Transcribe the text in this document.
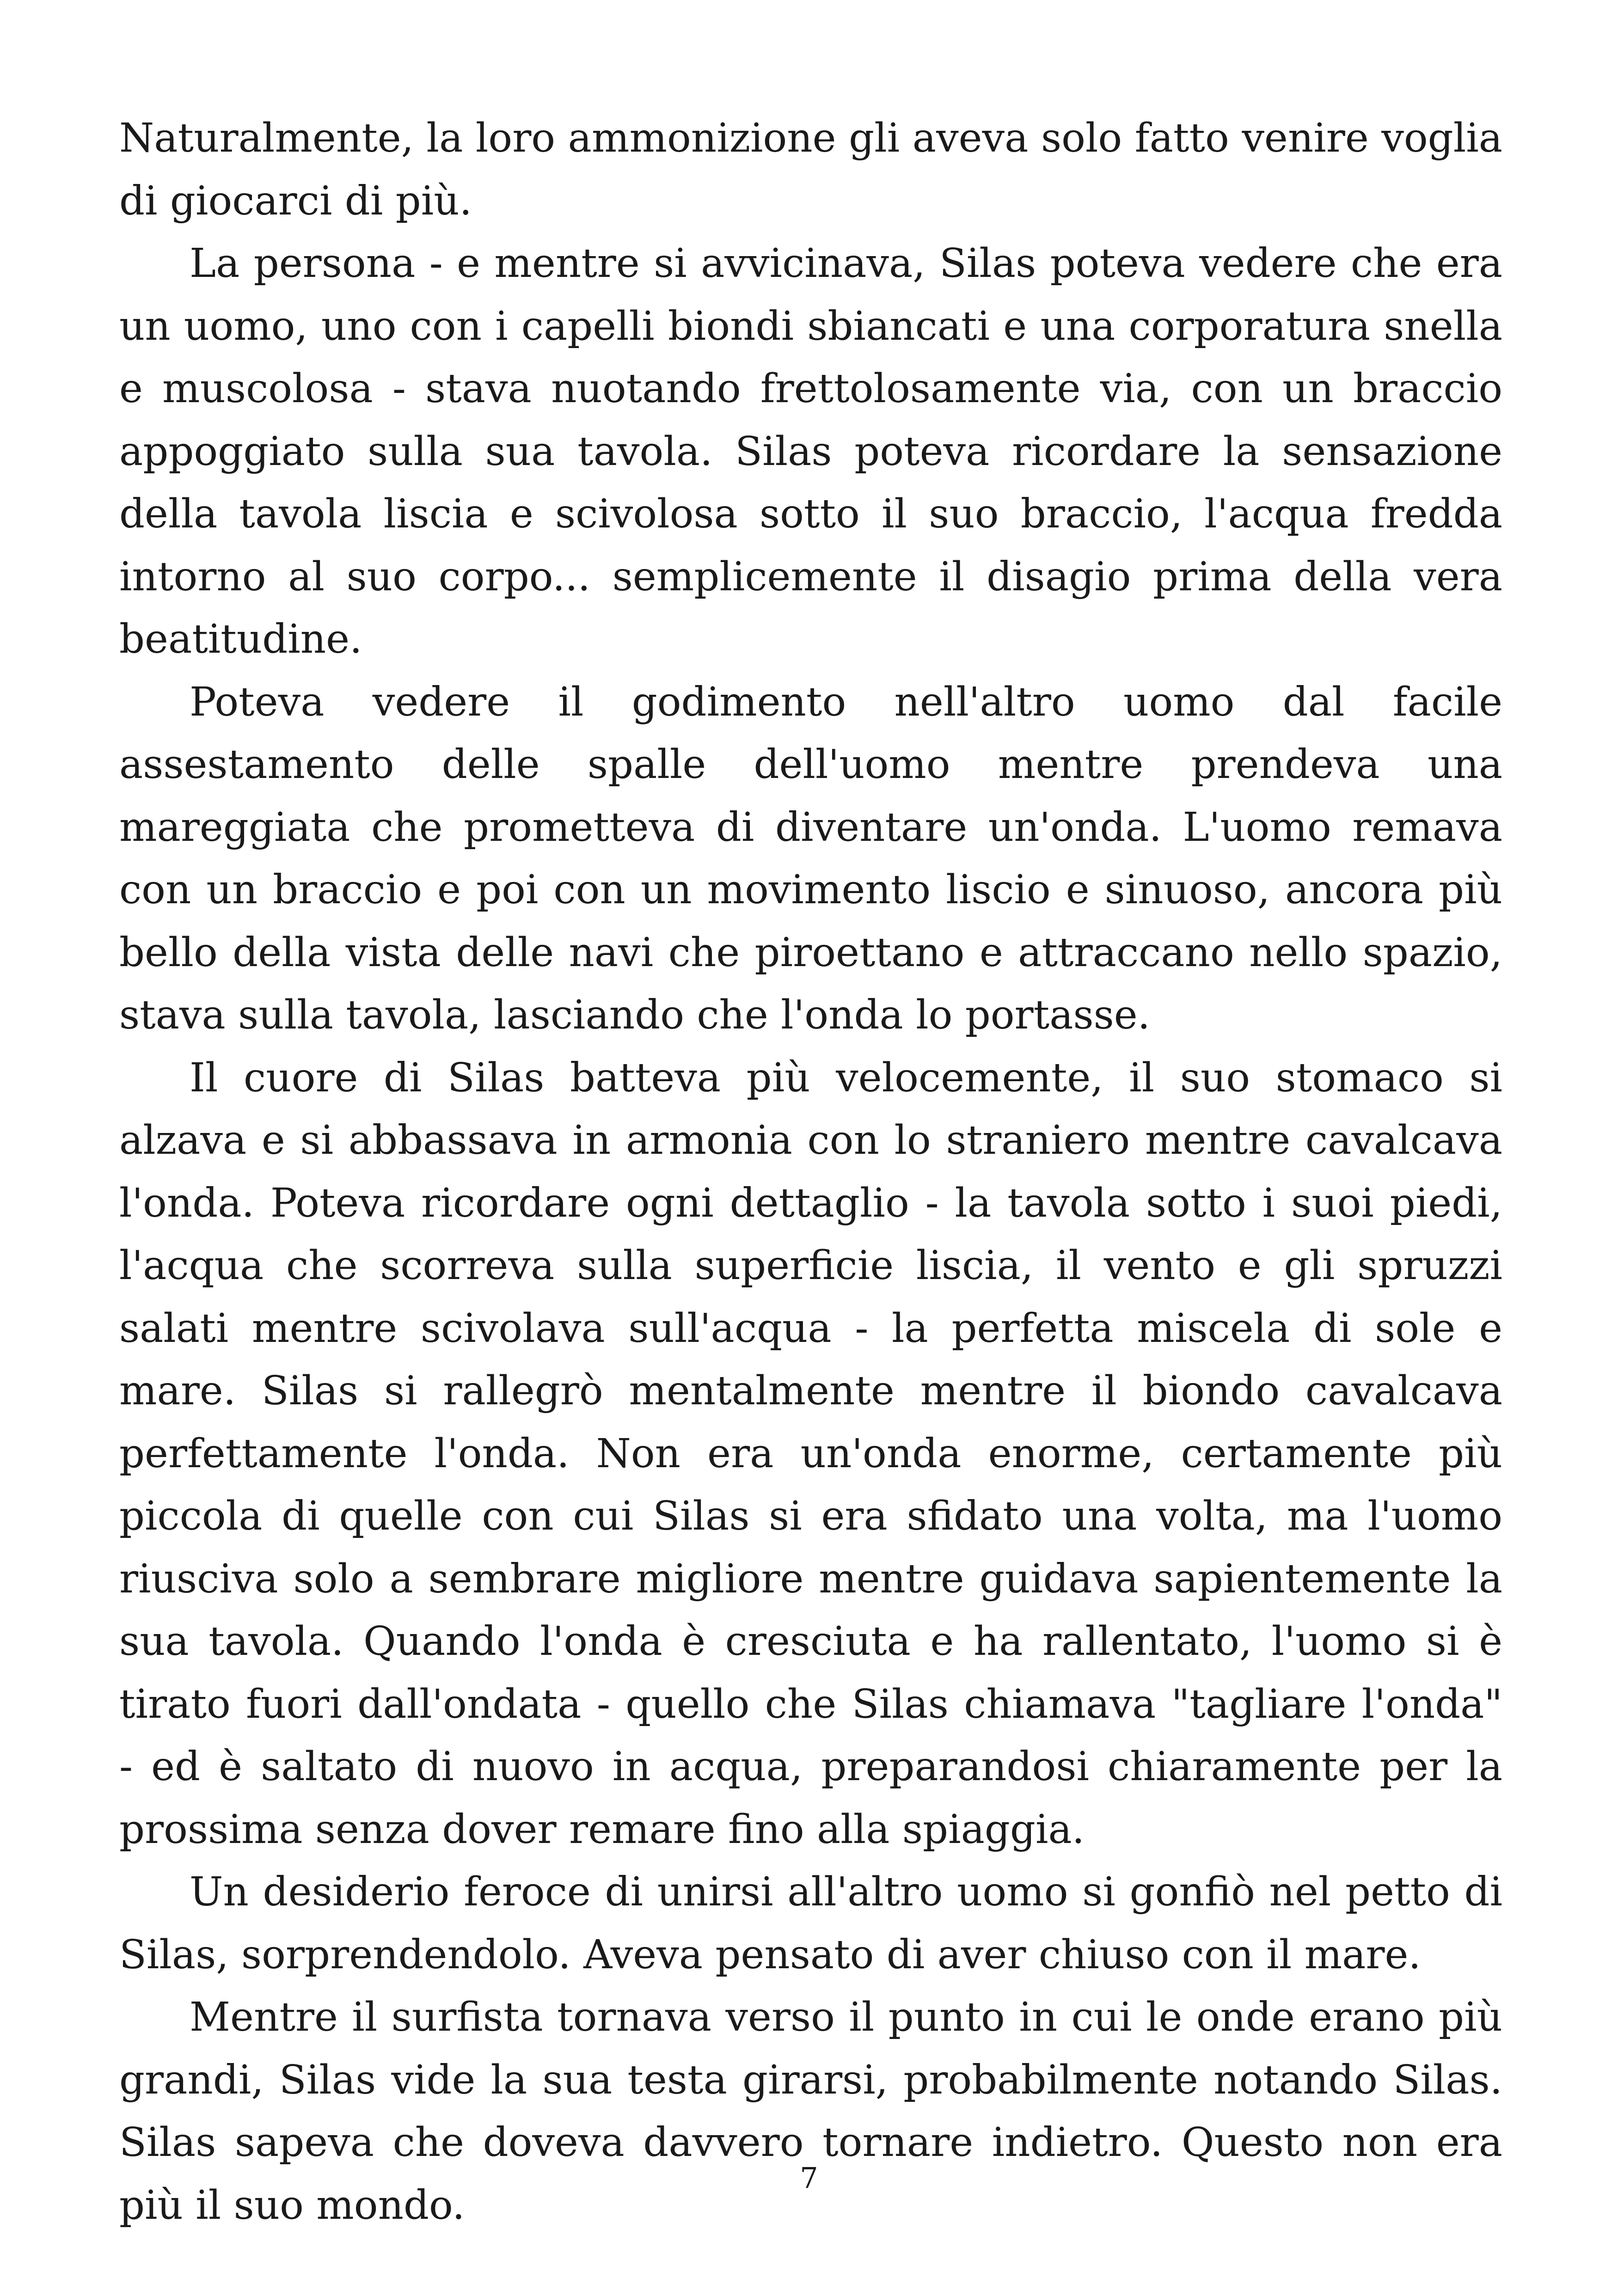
Naturalmente, la loro ammonizione gli aveva solo fatto venire voglia di giocarci di più.

La persona - e mentre si avvicinava, Silas poteva vedere che era un uomo, uno con i capelli biondi sbiancati e una corporatura snella e muscolosa - stava nuotando frettolosamente via, con un braccio appoggiato sulla sua tavola. Silas poteva ricordare la sensazione della tavola liscia e scivolosa sotto il suo braccio, l'acqua fredda intorno al suo corpo... semplicemente il disagio prima della vera beatitudine.

Poteva vedere il godimento nell'altro uomo dal facile assestamento delle spalle dell'uomo mentre prendeva una mareggiata che prometteva di diventare un'onda. L'uomo remava con un braccio e poi con un movimento liscio e sinuoso, ancora più bello della vista delle navi che piroettano e attraccano nello spazio, stava sulla tavola, lasciando che l'onda lo portasse.

Il cuore di Silas batteva più velocemente, il suo stomaco si alzava e si abbassava in armonia con lo straniero mentre cavalcava l'onda. Poteva ricordare ogni dettaglio - la tavola sotto i suoi piedi, l'acqua che scorreva sulla superficie liscia, il vento e gli spruzzi salati mentre scivolava sull'acqua - la perfetta miscela di sole e mare. Silas si rallegrò mentalmente mentre il biondo cavalcava perfettamente l'onda. Non era un'onda enorme, certamente più piccola di quelle con cui Silas si era sfidato una volta, ma l'uomo riusciva solo a sembrare migliore mentre guidava sapientemente la sua tavola. Quando l'onda è cresciuta e ha rallentato, l'uomo si è tirato fuori dall'ondata - quello che Silas chiamava "tagliare l'onda" - ed è saltato di nuovo in acqua, preparandosi chiaramente per la prossima senza dover remare fino alla spiaggia.

Un desiderio feroce di unirsi all'altro uomo si gonfiò nel petto di Silas, sorprendendolo. Aveva pensato di aver chiuso con il mare.

Mentre il surfista tornava verso il punto in cui le onde erano più grandi, Silas vide la sua testa girarsi, probabilmente notando Silas. Silas sapeva che doveva davvero tornare indietro. Questo non era più il suo mondo.

7
